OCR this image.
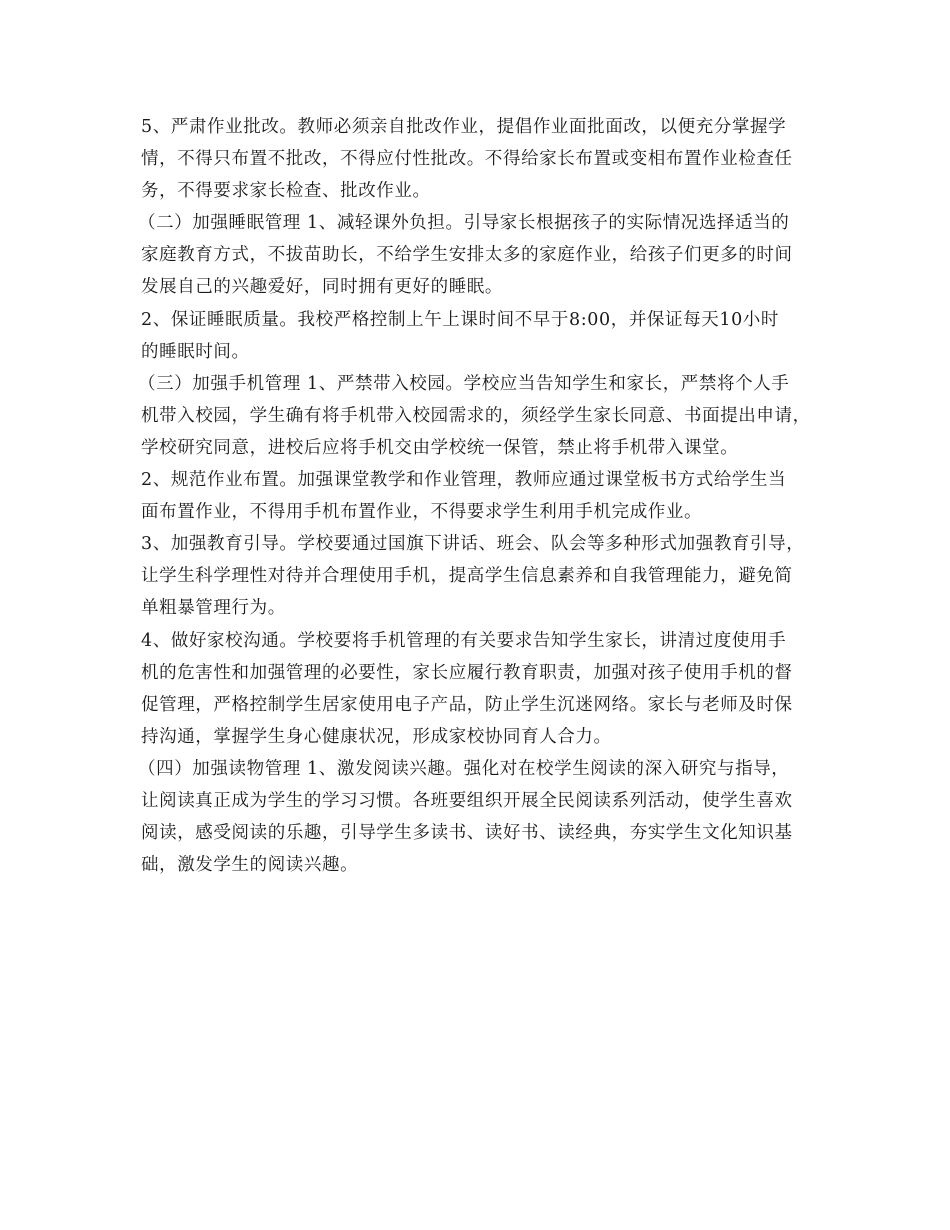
5、严肃作业批改。教师必须亲自批改作业，提倡作业面批面改，以便充分掌握学
情，不得只布置不批改，不得应付性批改。不得给家长布置或变相布置作业检查任
务，不得要求家长检查、批改作业。
（二）加强睡眠管理 1、减轻课外负担。引导家长根据孩子的实际情况选择适当的
家庭教育方式，不拔苗助长，不给学生安排太多的家庭作业，给孩子们更多的时间
发展自己的兴趣爱好，同时拥有更好的睡眠。
2、保证睡眠质量。我校严格控制上午上课时间不早于8:00，并保证每天10小时
的睡眠时间。
（三）加强手机管理 1、严禁带入校园。学校应当告知学生和家长，严禁将个人手
机带入校园，学生确有将手机带入校园需求的，须经学生家长同意、书面提出申请，
学校研究同意，进校后应将手机交由学校统一保管，禁止将手机带入课堂。
2、规范作业布置。加强课堂教学和作业管理，教师应通过课堂板书方式给学生当
面布置作业，不得用手机布置作业，不得要求学生利用手机完成作业。
3、加强教育引导。学校要通过国旗下讲话、班会、队会等多种形式加强教育引导，
让学生科学理性对待并合理使用手机，提高学生信息素养和自我管理能力，避免简
单粗暴管理行为。
4、做好家校沟通。学校要将手机管理的有关要求告知学生家长，讲清过度使用手
机的危害性和加强管理的必要性，家长应履行教育职责，加强对孩子使用手机的督
促管理，严格控制学生居家使用电子产品，防止学生沉迷网络。家长与老师及时保
持沟通，掌握学生身心健康状况，形成家校协同育人合力。
（四）加强读物管理 1、激发阅读兴趣。强化对在校学生阅读的深入研究与指导，
让阅读真正成为学生的学习习惯。各班要组织开展全民阅读系列活动，使学生喜欢
阅读，感受阅读的乐趣，引导学生多读书、读好书、读经典，夯实学生文化知识基
础，激发学生的阅读兴趣。
